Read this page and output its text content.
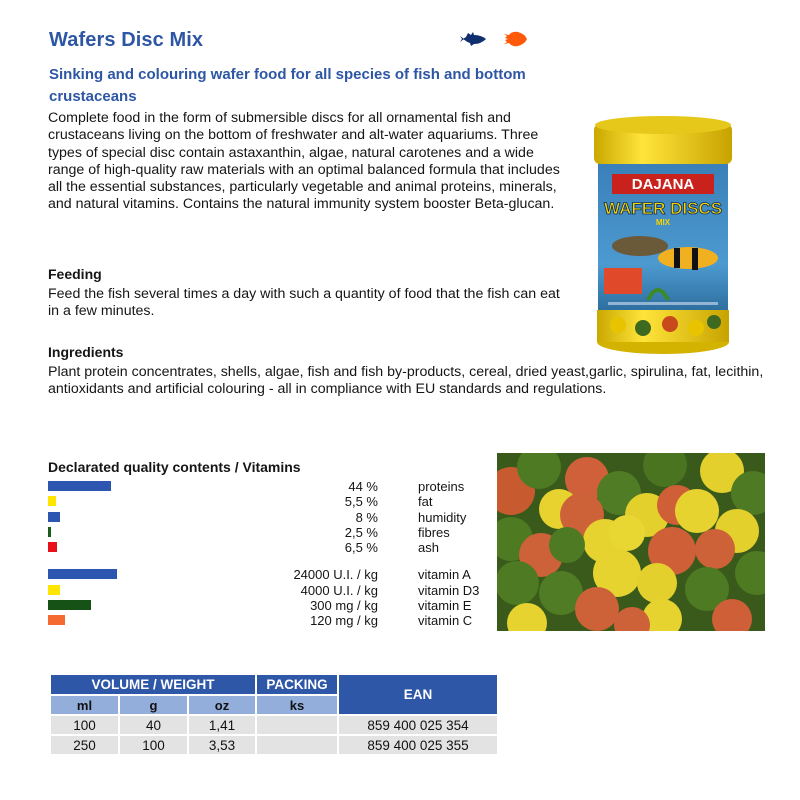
Wafers Disc Mix
Sinking and colouring wafer food for all species of fish and bottom crustaceans
Complete food in the form of submersible discs for all ornamental fish and crustaceans living on the bottom of freshwater and alt-water aquariums. Three types of special disc contain astaxanthin, algae, natural carotenes and a wide range of high-quality raw materials with an optimal balanced formula that includes all the essential substances, particularly vegetable and animal proteins, minerals, and natural vitamins. Contains the natural immunity system booster Beta-glucan.
Feeding
Feed the fish several times a day with such a quantity of food that the fish can eat in a few minutes.
Ingredients
Plant protein concentrates, shells, algae, fish and fish by-products, cereal, dried yeast,garlic, spirulina, fat, lecithin, antioxidants and artificial colouring - all in compliance with EU standards and regulations.
DAJANA
WAFER DISCS
MIX
Declarated quality contents / Vitamins
44 %	proteins
5,5 %	fat
8 %	humidity
2,5 %	fibres
6,5 %	ash
24000 U.I. / kg	vitamin A
4000 U.I. / kg	vitamin D3
300 mg / kg	vitamin E
120 mg / kg	vitamin C
VOLUME / WEIGHT			PACKING	EAN
ml	g	oz	ks	
100	40	1,41		859 400 025 354
250	100	3,53		859 400 025 355
